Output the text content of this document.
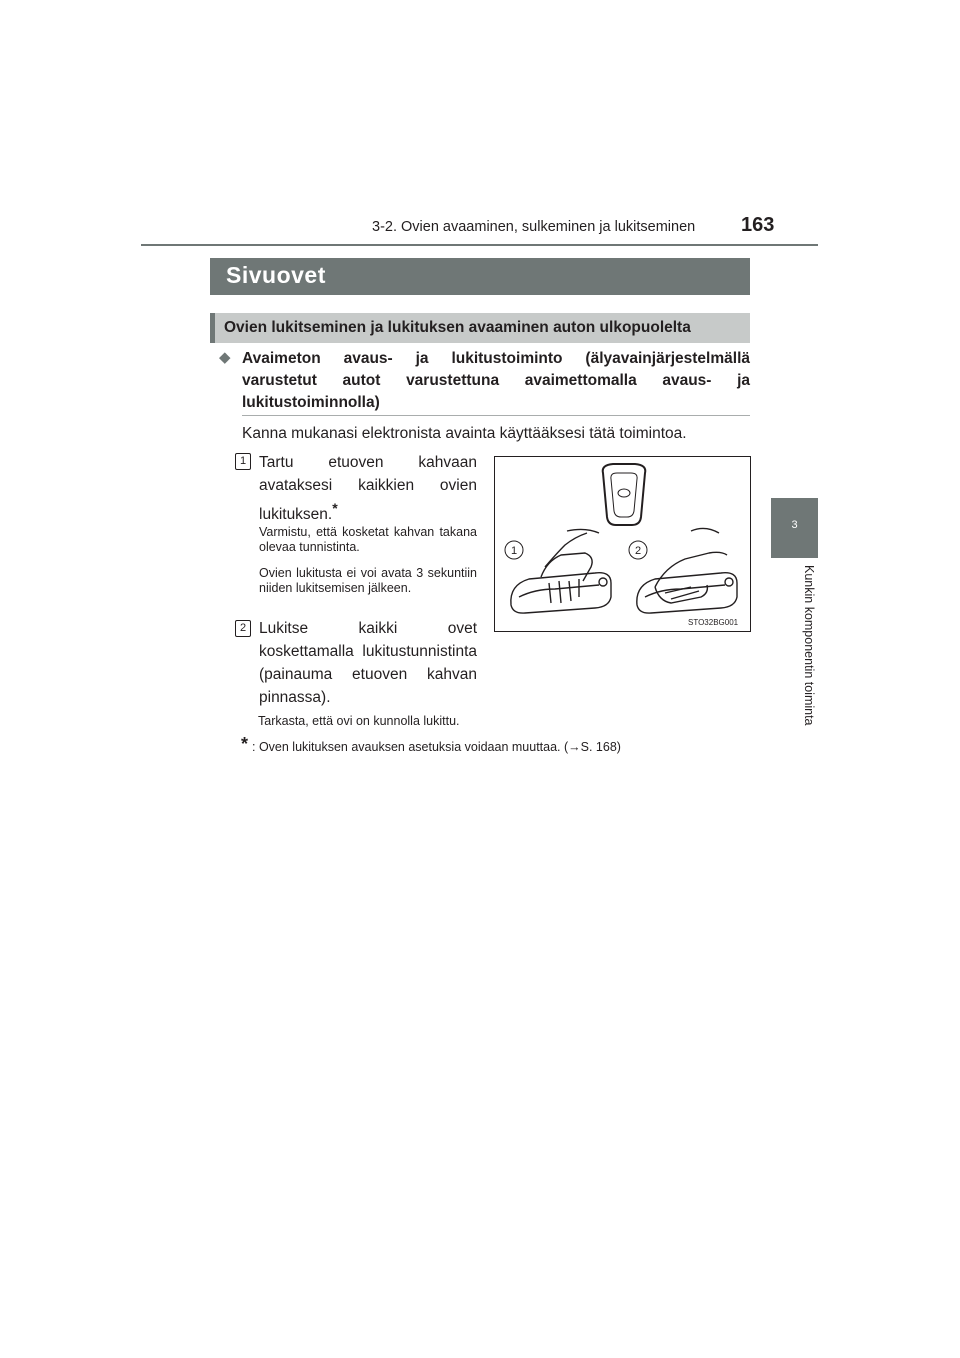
3-2. Ovien avaaminen, sulkeminen ja lukitseminen 163
3
Kunkin komponentin toiminta
Sivuovet
Ovien lukitseminen ja lukituksen avaaminen auton ulkopuolelta
◆ Avaimeton avaus- ja lukitustoiminto (älyavainjärjestelmällä varustetut autot varustettuna avaimettomalla avaus- ja lukitustoiminnolla)
Kanna mukanasi elektronista avainta käyttääksesi tätä toimintoa.
1 Tartu etuoven kahvaan avataksesi kaikkien ovien lukituksen.*
Varmistu, että kosketat kahvan takana olevaa tunnistinta.
Ovien lukitusta ei voi avata 3 sekuntiin niiden lukitsemisen jälkeen.
2 Lukitse kaikki ovet koskettamalla lukitustunnistinta (painauma etuoven kahvan pinnassa).
Tarkasta, että ovi on kunnolla lukittu.
1	2
STO32BG001
* : Oven lukituksen avauksen asetuksia voidaan muuttaa. (→S. 168)
